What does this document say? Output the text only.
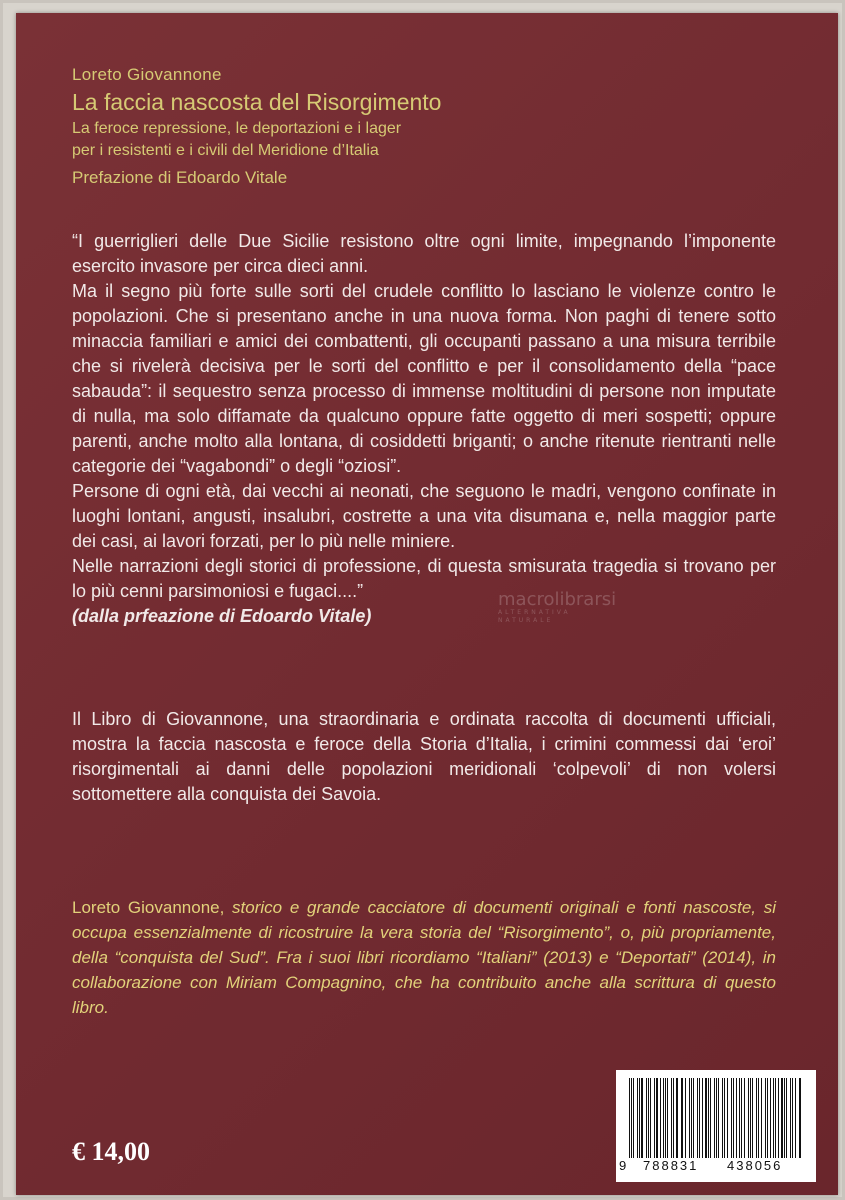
Loreto Giovannone
La faccia nascosta del Risorgimento
La feroce repressione, le deportazioni e i lager
per i resistenti e i civili del Meridione d’Italia
Prefazione di Edoardo Vitale

“I guerriglieri delle Due Sicilie resistono oltre ogni limite, impegnando l’imponente esercito invasore per circa dieci anni.

Ma il segno più forte sulle sorti del crudele conflitto lo lasciano le violenze contro le popolazioni. Che si presentano anche in una nuova forma. Non paghi di tenere sotto minaccia familiari e amici dei combattenti, gli occupanti passano a una misura terribile che si rivelerà decisiva per le sorti del conflitto e per il consolidamento della “pace sabauda”: il sequestro senza processo di immense moltitudini di persone non imputate di nulla, ma solo diffamate da qualcuno oppure fatte oggetto di meri sospetti; oppure parenti, anche molto alla lontana, di cosiddetti briganti; o anche ritenute rientranti nelle categorie dei “vagabondi” o degli “oziosi”.

Persone di ogni età, dai vecchi ai neonati, che seguono le madri, vengono confinate in luoghi lontani, angusti, insalubri, costrette a una vita disumana e, nella maggior parte dei casi, ai lavori forzati, per lo più nelle miniere.

Nelle narrazioni degli storici di professione, di questa smisurata tragedia si trovano per lo più cenni parsimoniosi e fugaci....”

(dalla prfeazione di Edoardo Vitale)

macrolibrarsi
ALTERNATIVA NATURALE

Il Libro di Giovannone, una straordinaria e ordinata raccolta di documenti ufficiali, mostra la faccia nascosta e feroce della Storia d’Italia, i crimini commessi dai ‘eroi’ risorgimentali ai danni delle popolazioni meridionali ‘colpevoli’ di non volersi sottomettere alla conquista dei Savoia.

Loreto Giovannone, storico e grande cacciatore di documenti originali e fonti nascoste, si occupa essenzialmente di ricostruire la vera storia del “Risorgimento”, o, più propriamente, della “conquista del Sud”. Fra i suoi libri ricordiamo “Italiani” (2013) e “Deportati” (2014), in collaborazione con Miriam Compagnino, che ha contribuito anche alla scrittura di questo libro.

€ 14,00	9 788831 438056
